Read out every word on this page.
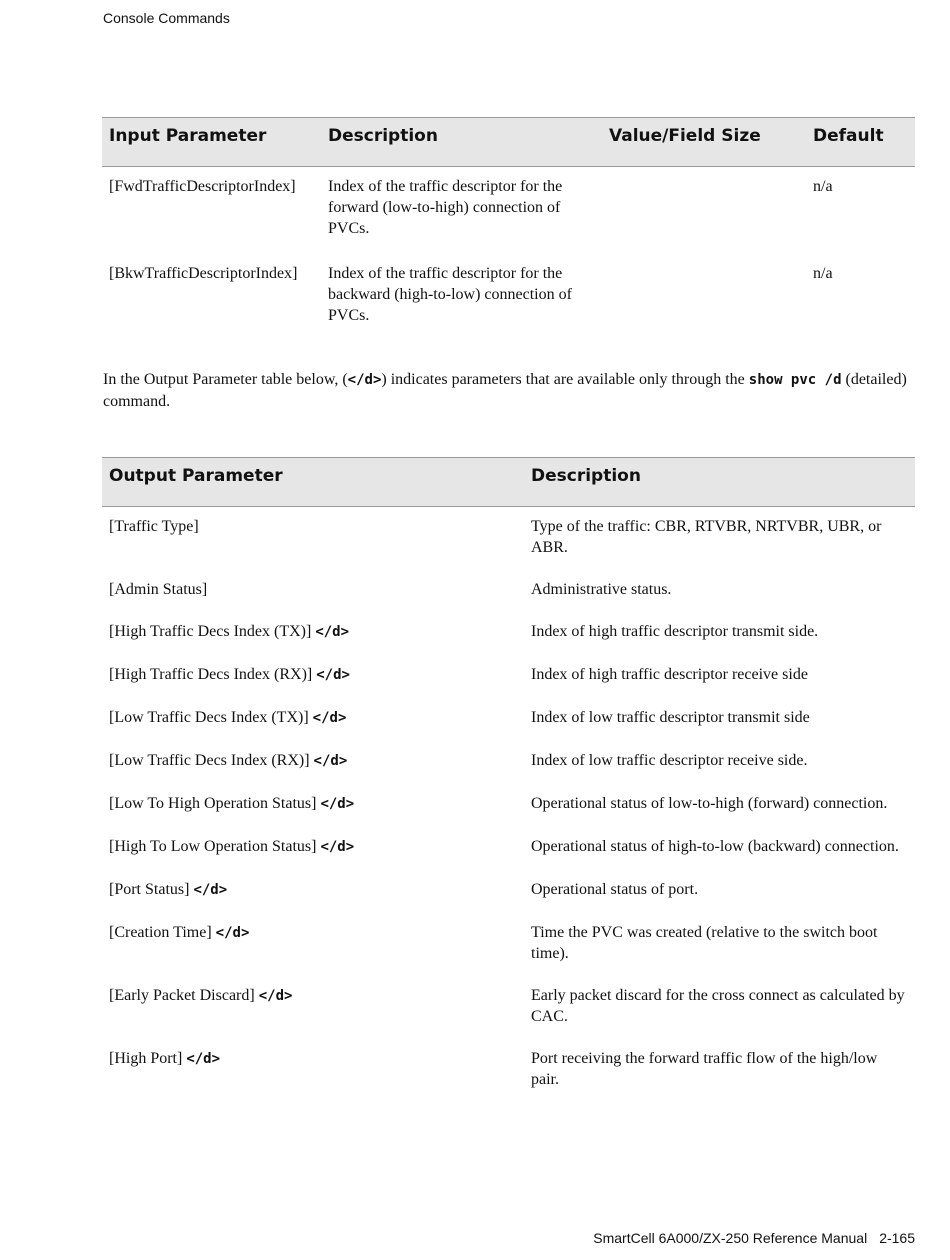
Console Commands
Input Parameter	Description	Value/Field Size	Default
[FwdTrafficDescriptorIndex]	Index of the traffic descriptor for the forward (low-to-high) connection of PVCs.		n/a
[BkwTrafficDescriptorIndex]	Index of the traffic descriptor for the backward (high-to-low) connection of PVCs.		n/a

In the Output Parameter table below, (</d>) indicates parameters that are available only through the show pvc /d (detailed) command.

Output Parameter	Description
[Traffic Type]	Type of the traffic: CBR, RTVBR, NRTVBR, UBR, or ABR.
[Admin Status]	Administrative status.
[High Traffic Decs Index (TX)] </d>	Index of high traffic descriptor transmit side.
[High Traffic Decs Index (RX)] </d>	Index of high traffic descriptor receive side
[Low Traffic Decs Index (TX)] </d>	Index of low traffic descriptor transmit side
[Low Traffic Decs Index (RX)] </d>	Index of low traffic descriptor receive side.
[Low To High Operation Status] </d>	Operational status of low-to-high (forward) connection.
[High To Low Operation Status] </d>	Operational status of high-to-low (backward) connection.
[Port Status] </d>	Operational status of port.
[Creation Time] </d>	Time the PVC was created (relative to the switch boot time).
[Early Packet Discard] </d>	Early packet discard for the cross connect as calculated by CAC.
[High Port] </d>	Port receiving the forward traffic flow of the high/low pair.
SmartCell 6A000/ZX-250 Reference Manual 2-165
